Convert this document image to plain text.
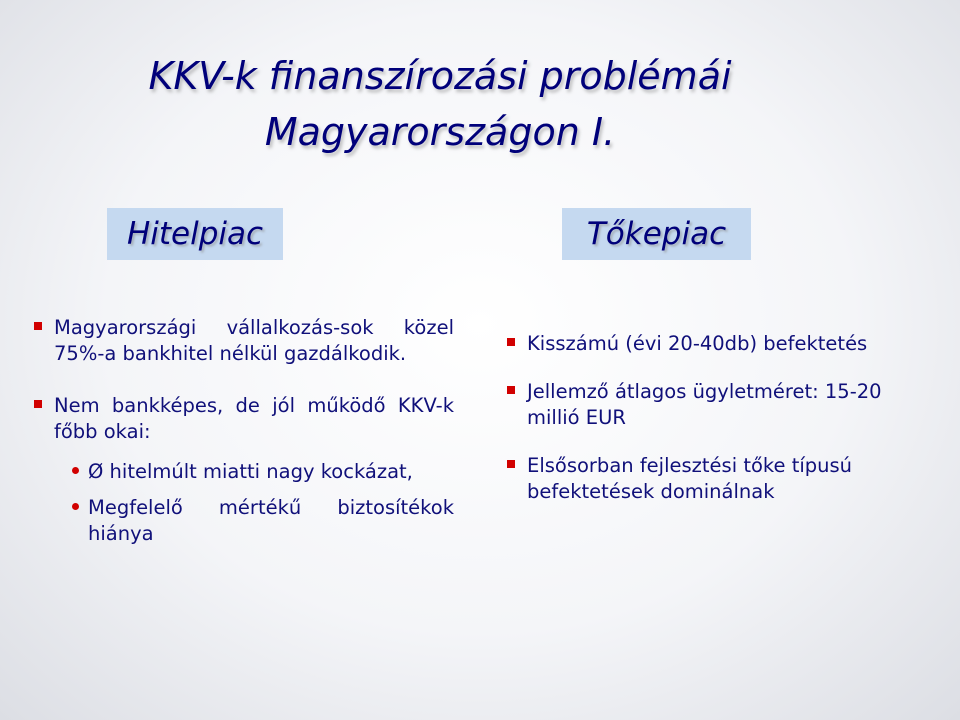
KKV-k finanszírozási problémái
Magyarországon I.
Hitelpiac	Tőkepiac
Magyarországi vállalkozás-sok közel 75%-a bankhitel nélkül gazdálkodik.
Nem bankképes, de jól működő KKV-k főbb okai:
Ø hitelmúlt miatti nagy kockázat,
Megfelelő mértékű biztosítékok hiánya
Kisszámú (évi 20-40db) befektetés
Jellemző átlagos ügyletméret: 15-20 millió EUR
Elsősorban fejlesztési tőke típusú befektetések dominálnak
